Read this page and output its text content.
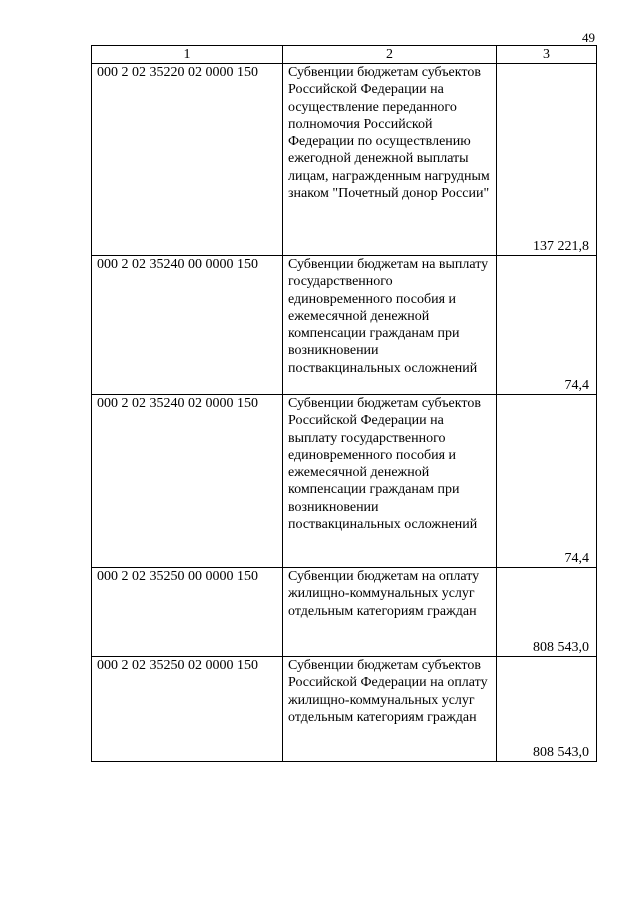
49
1	2	3
000 2 02 35220 02 0000 150	Субвенции бюджетам субъектов Российской Федерации на осуществление переданного полномочия Российской Федерации по осуществлению ежегодной денежной выплаты лицам, награжденным нагрудным знаком "Почетный донор России"	137 221,8
000 2 02 35240 00 0000 150	Субвенции бюджетам на выплату государственного единовременного пособия и ежемесячной денежной компенсации гражданам при возникновении поствакцинальных осложнений	74,4
000 2 02 35240 02 0000 150	Субвенции бюджетам субъектов Российской Федерации на выплату государственного единовременного пособия и ежемесячной денежной компенсации гражданам при возникновении поствакцинальных осложнений	74,4
000 2 02 35250 00 0000 150	Субвенции бюджетам на оплату жилищно-коммунальных услуг отдельным категориям граждан	808 543,0
000 2 02 35250 02 0000 150	Субвенции бюджетам субъектов Российской Федерации на оплату жилищно-коммунальных услуг отдельным категориям граждан	808 543,0
